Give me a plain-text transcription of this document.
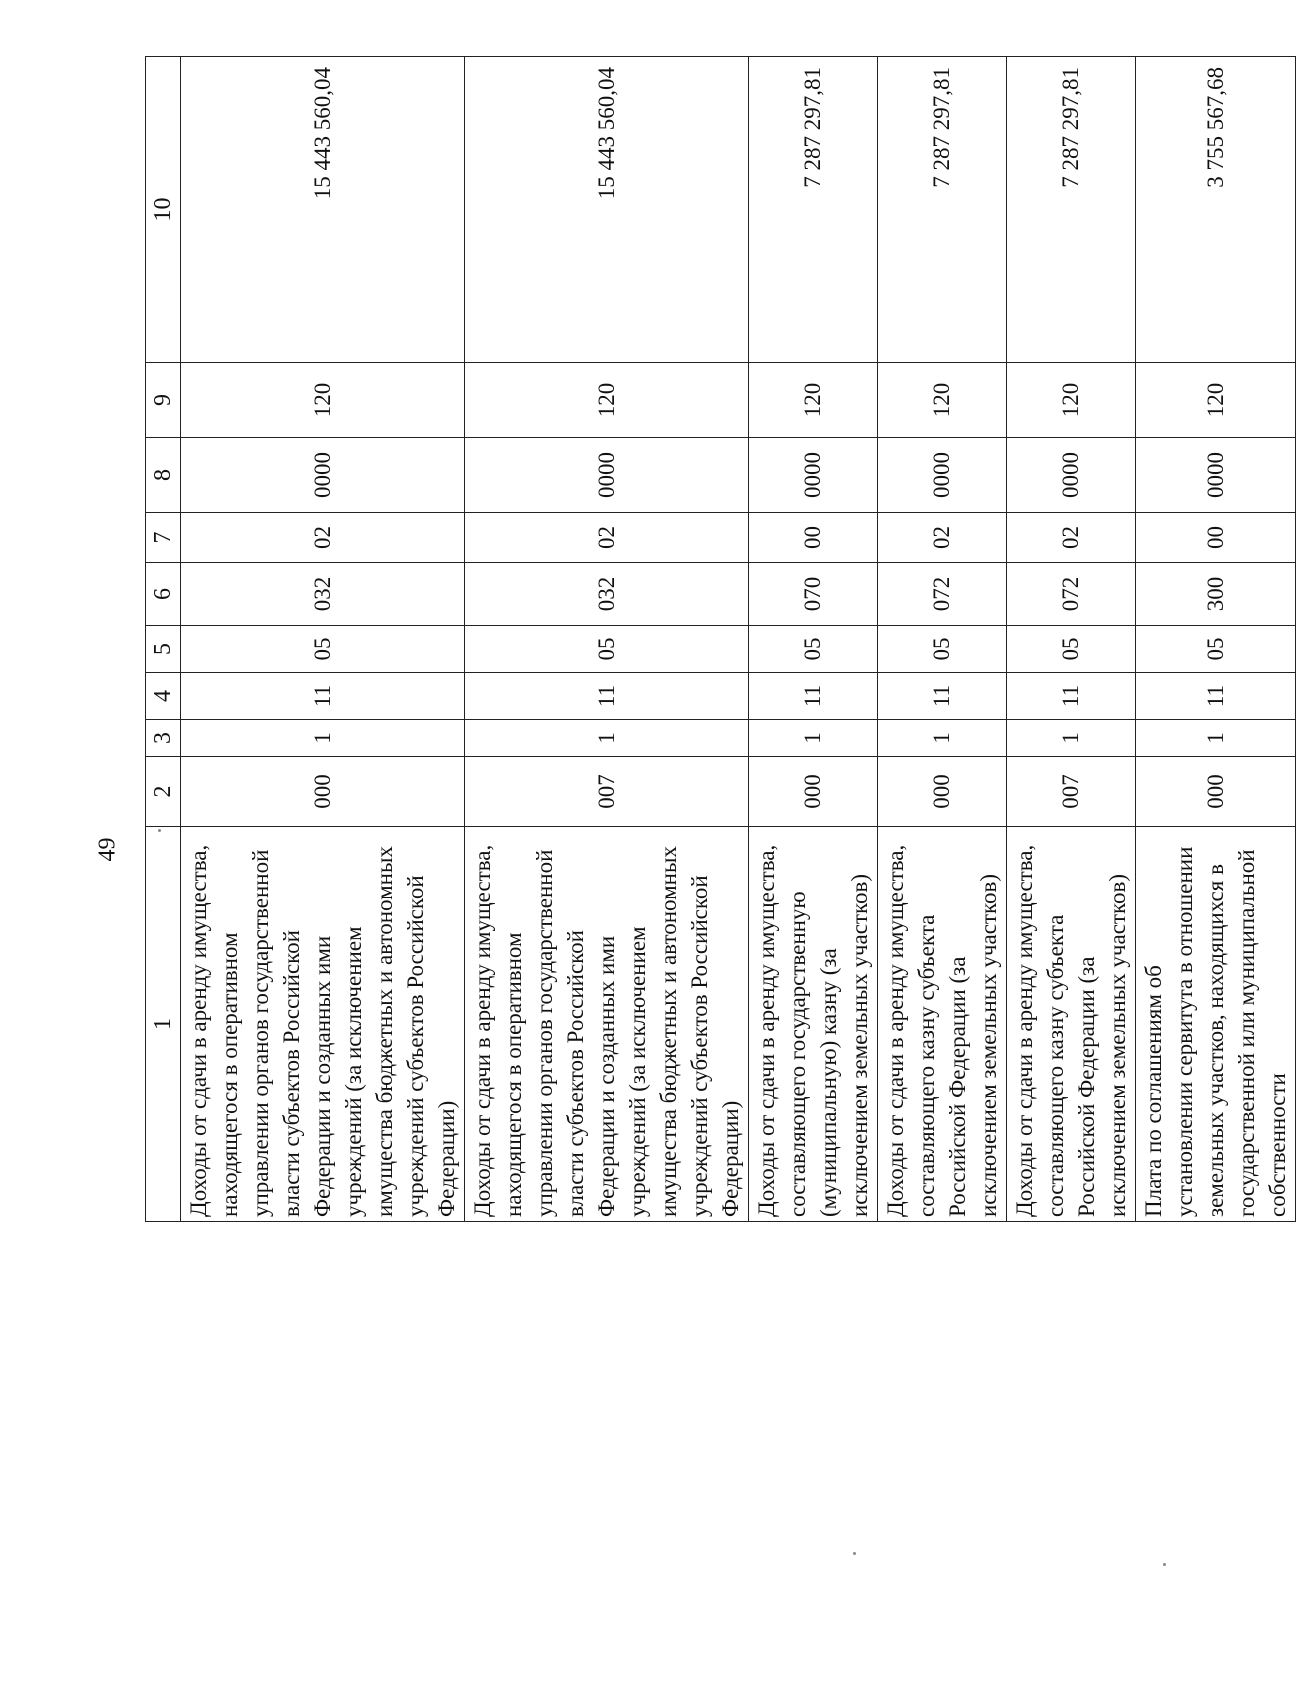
49
1	2	3	4	5	6	7	8	9	10
Доходы от сдачи в аренду имущества, находящегося в оперативном управлении органов государственной власти субъектов Российской Федерации и созданных ими учреждений (за исключением имущества бюджетных и автономных учреждений субъектов Российской Федерации)	000	1	11	05	032	02	0000	120	15 443 560,04
Доходы от сдачи в аренду имущества, находящегося в оперативном управлении органов государственной власти субъектов Российской Федерации и созданных ими учреждений (за исключением имущества бюджетных и автономных учреждений субъектов Российской Федерации)	007	1	11	05	032	02	0000	120	15 443 560,04
Доходы от сдачи в аренду имущества, составляющего государственную (муниципальную) казну (за исключением земельных участков)	000	1	11	05	070	00	0000	120	7 287 297,81
Доходы от сдачи в аренду имущества, составляющего казну субъекта Российской Федерации (за исключением земельных участков)	000	1	11	05	072	02	0000	120	7 287 297,81
Доходы от сдачи в аренду имущества, составляющего казну субъекта Российской Федерации (за исключением земельных участков)	007	1	11	05	072	02	0000	120	7 287 297,81
Плата по соглашениям об установлении сервитута в отношении земельных участков, находящихся в государственной или муниципальной собственности	000	1	11	05	300	00	0000	120	3 755 567,68
